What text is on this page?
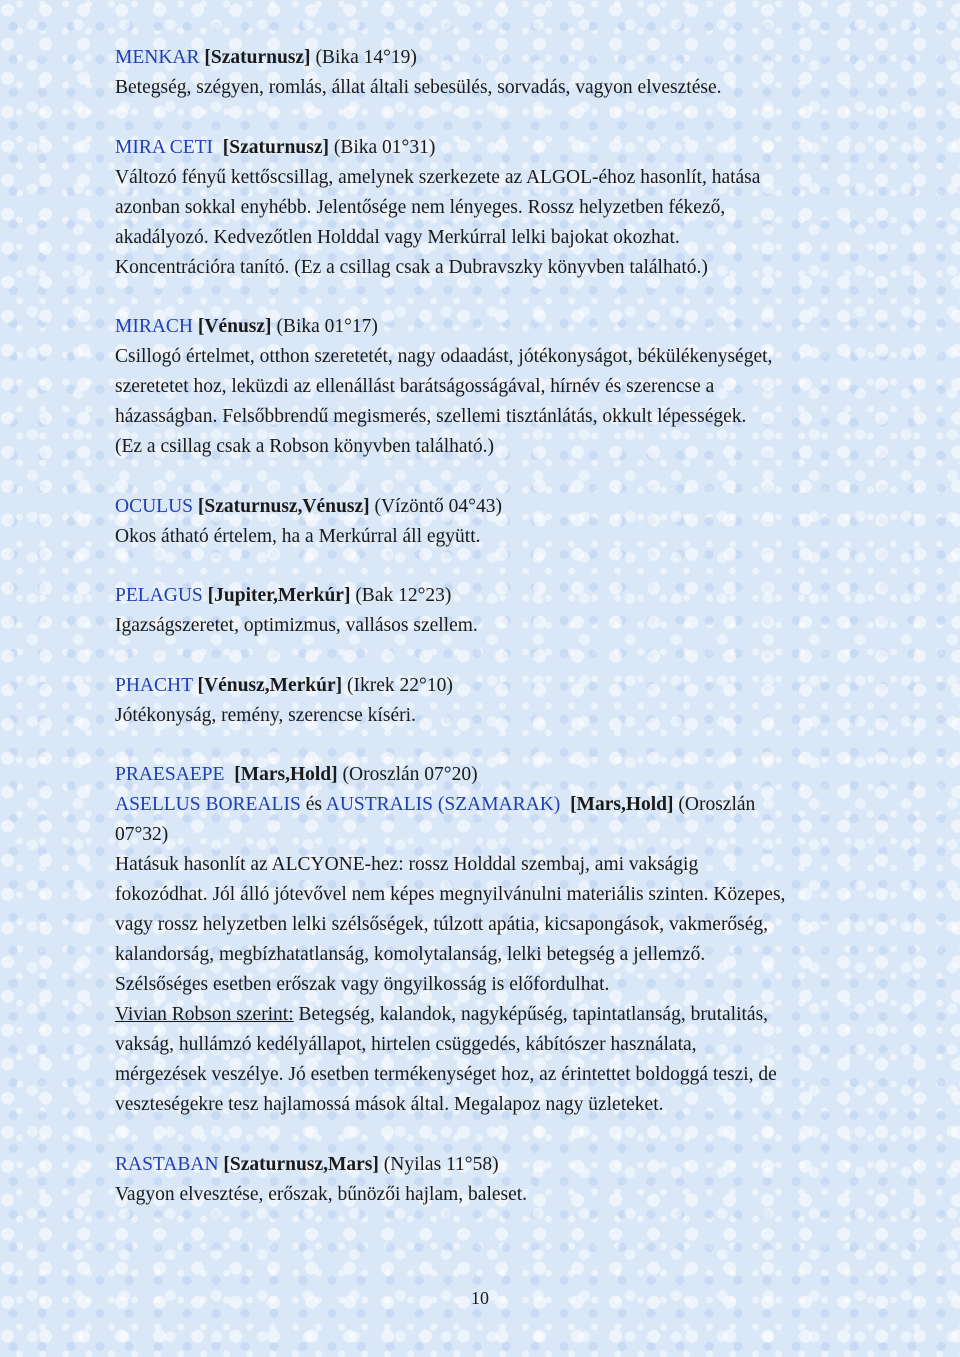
MENKAR [Szaturnusz] (Bika 14°19)
Betegség, szégyen, romlás, állat általi sebesülés, sorvadás, vagyon elvesztése.
MIRA CETI [Szaturnusz] (Bika 01°31)
Változó fényű kettőscsillag, amelynek szerkezete az ALGOL-éhoz hasonlít, hatása
azonban sokkal enyhébb. Jelentősége nem lényeges. Rossz helyzetben fékező,
akadályozó. Kedvezőtlen Holddal vagy Merkúrral lelki bajokat okozhat.
Koncentrációra tanító. (Ez a csillag csak a Dubravszky könyvben található.)
MIRACH [Vénusz] (Bika 01°17)
Csillogó értelmet, otthon szeretetét, nagy odaadást, jótékonyságot, békülékenységet,
szeretetet hoz, leküzdi az ellenállást barátságosságával, hírnév és szerencse a
házasságban. Felsőbbrendű megismerés, szellemi tisztánlátás, okkult lépességek.
(Ez a csillag csak a Robson könyvben található.)
OCULUS [Szaturnusz,Vénusz] (Vízöntő 04°43)
Okos átható értelem, ha a Merkúrral áll együtt.
PELAGUS [Jupiter,Merkúr] (Bak 12°23)
Igazságszeretet, optimizmus, vallásos szellem.
PHACHT [Vénusz,Merkúr] (Ikrek 22°10)
Jótékonyság, remény, szerencse kíséri.
PRAESAEPE [Mars,Hold] (Oroszlán 07°20)
ASELLUS BOREALIS és AUSTRALIS (SZAMARAK) [Mars,Hold] (Oroszlán
07°32)
Hatásuk hasonlít az ALCYONE-hez: rossz Holddal szembaj, ami vakságig
fokozódhat. Jól álló jótevővel nem képes megnyilvánulni materiális szinten. Közepes,
vagy rossz helyzetben lelki szélsőségek, túlzott apátia, kicsapongások, vakmerőség,
kalandorság, megbízhatatlanság, komolytalanság, lelki betegség a jellemző.
Szélsőséges esetben erőszak vagy öngyilkosság is előfordulhat.
Vivian Robson szerint: Betegség, kalandok, nagyképűség, tapintatlanság, brutalitás,
vakság, hullámzó kedélyállapot, hirtelen csüggedés, kábítószer használata,
mérgezések veszélye. Jó esetben termékenységet hoz, az érintettet boldoggá teszi, de
veszteségekre tesz hajlamossá mások által. Megalapoz nagy üzleteket.
RASTABAN [Szaturnusz,Mars] (Nyilas 11°58)
Vagyon elvesztése, erőszak, bűnözői hajlam, baleset.
10
